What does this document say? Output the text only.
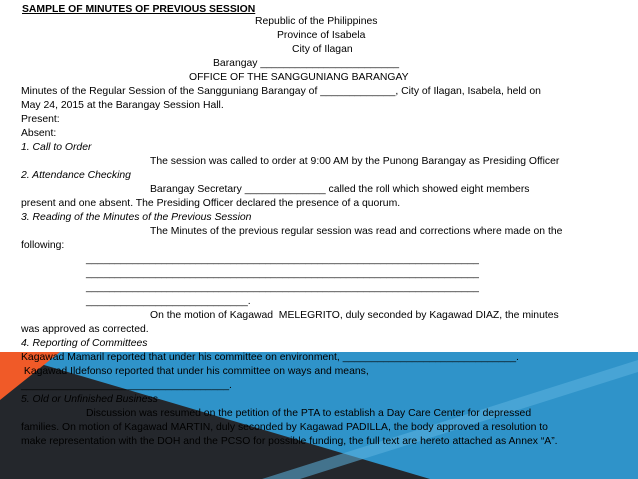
SAMPLE OF MINUTES OF PREVIOUS SESSION
Republic of the Philippines
Province of Isabela
City of Ilagan
Barangay ________________________
OFFICE OF THE SANGGUNIANG BARANGAY
Minutes of the Regular Session of the Sangguniang Barangay of _____________, City of Ilagan, Isabela, held on
May 24, 2015 at the Barangay Session Hall.
Present:
Absent:
1. Call to Order
The session was called to order at 9:00 AM by the Punong Barangay as Presiding Officer
2. Attendance Checking
Barangay Secretary ______________ called the roll which showed eight members
present and one absent. The Presiding Officer declared the presence of a quorum.
3. Reading of the Minutes of the Previous Session
The Minutes of the previous regular session was read and corrections where made on the
following:
____________________________________________________________________
____________________________________________________________________
____________________________________________________________________
____________________________.
On the motion of Kagawad  MELEGRITO, duly seconded by Kagawad DIAZ, the minutes
was approved as corrected.
4. Reporting of Committees
Kagawad Mamaril reported that under his committee on environment, ______________________________.
Kagawad Ildefonso reported that under his committee on ways and means,
____________________________________.
5. Old or Unfinished Business
Discussion was resumed on the petition of the PTA to establish a Day Care Center for depressed
families. On motion of Kagawad MARTIN, duly seconded by Kagawad PADILLA, the body approved a resolution to
make representation with the DOH and the PCSO for possible funding, the full text are hereto attached as Annex “A”.
